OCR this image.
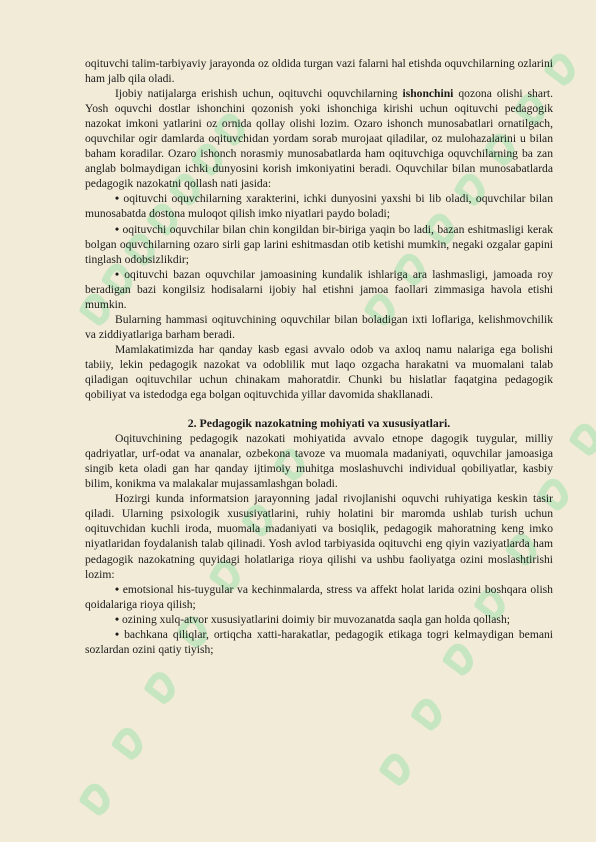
oqituvchi talim-tarbiyaviy jarayonda oz oldida turgan vazi falarni hal etishda oquvchilarning ozlarini ham jalb qila oladi.

Ijobiy natijalarga erishish uchun, oqituvchi oquvchilarning ishonchini qozona olishi shart. Yosh oquvchi dostlar ishonchini qozonish yoki ishonchiga kirishi uchun oqituvchi pedagogik nazokat imkoni yatlarini oz ornida qollay olishi lozim. Ozaro ishonch munosabatlari ornatilgach, oquvchilar ogir damlarda oqituvchidan yordam sorab murojaat qiladilar, oz mulohazalarini u bilan baham koradilar. Ozaro ishonch norasmiy munosabatlarda ham oqituvchiga oquvchilarning ba zan anglab bolmaydigan ichki dunyosini korish imkoniyatini beradi. Oquvchilar bilan munosabatlarda pedagogik nazokatni qollash nati jasida:

• oqituvchi oquvchilarning xarakterini, ichki dunyosini yaxshi bi lib oladi, oquvchilar bilan munosabatda dostona muloqot qilish imko niyatlari paydo boladi;

• oqituvchi oquvchilar bilan chin kongildan bir-biriga yaqin bo ladi, bazan eshitmasligi kerak bolgan oquvchilarning ozaro sirli gap larini eshitmasdan otib ketishi mumkin, negaki ozgalar gapini tinglash odobsizlikdir;

• oqituvchi bazan oquvchilar jamoasining kundalik ishlariga ara lashmasligi, jamoada roy beradigan bazi kongilsiz hodisalarni ijobiy hal etishni jamoa faollari zimmasiga havola etishi mumkin.

Bularning hammasi oqituvchining oquvchilar bilan boladigan ixti loflariga, kelishmovchilik va ziddiyatlariga barham beradi.

Mamlakatimizda har qanday kasb egasi avvalo odob va axloq namu nalariga ega bolishi tabiiy, lekin pedagogik nazokat va odoblilik mut laqo ozgacha harakatni va muomalani talab qiladigan oqituvchilar uchun chinakam mahoratdir. Chunki bu hislatlar faqatgina pedagogik qobiliyat va istedodga ega bolgan oqituvchida yillar davomida shakllanadi.

2. Pedagogik nazokatning mohiyati va xususiyatlari.

Oqituvchining pedagogik nazokati mohiyatida avvalo etnope dagogik tuygular, milliy qadriyatlar, urf-odat va ananalar, ozbekona tavoze va muomala madaniyati, oquvchilar jamoasiga singib keta oladi gan har qanday ijtimoiy muhitga moslashuvchi individual qobiliyatlar, kasbiy bilim, konikma va malakalar mujassamlashgan boladi.

Hozirgi kunda informatsion jarayonning jadal rivojlanishi oquvchi ruhiyatiga keskin tasir qiladi. Ularning psixologik xususiyatlarini, ruhiy holatini bir maromda ushlab turish uchun oqituvchidan kuchli iroda, muomala madaniyati va bosiqlik, pedagogik mahoratning keng imko niyatlaridan foydalanish talab qilinadi. Yosh avlod tarbiyasida oqituvchi eng qiyin vaziyatlarda ham pedagogik nazokatning quyidagi holatlariga rioya qilishi va ushbu faoliyatga ozini moslashtirishi lozim:

• emotsional his-tuygular va kechinmalarda, stress va affekt holat larida ozini boshqara olish qoidalariga rioya qilish;

• ozining xulq-atvor xususiyatlarini doimiy bir muvozanatda saqla gan holda qollash;

• bachkana qiliqlar, ortiqcha xatti-harakatlar, pedagogik etikaga togri kelmaydigan bemani sozlardan ozini qatiy tiyish;
